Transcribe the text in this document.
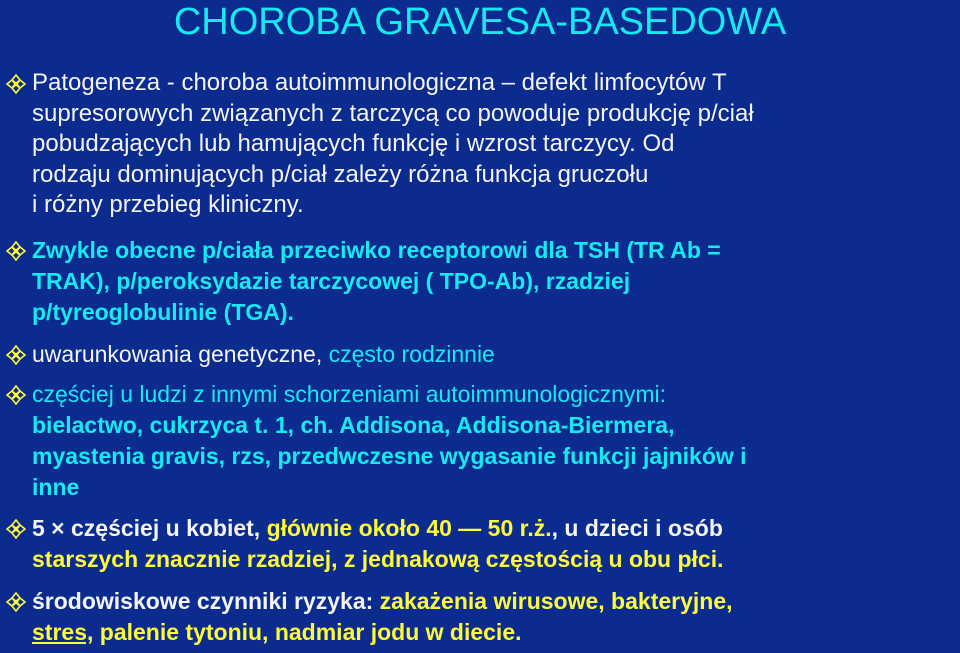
CHOROBA GRAVESA-BASEDOWA

Patogeneza - choroba autoimmunologiczna – defekt limfocytów T
supresorowych związanych z tarczycą co powoduje produkcję p/ciał
pobudzających lub hamujących funkcję i wzrost tarczycy. Od
rodzaju dominujących p/ciał zależy różna funkcja gruczołu
i różny przebieg kliniczny.

Zwykle obecne p/ciała przeciwko receptorowi dla TSH (TR Ab =
TRAK), p/peroksydazie tarczycowej ( TPO-Ab), rzadziej
p/tyreoglobulinie (TGA).

uwarunkowania genetyczne, często rodzinnie

częściej u ludzi z innymi schorzeniami autoimmunologicznymi:
bielactwo, cukrzyca t. 1, ch. Addisona, Addisona-Biermera,
myastenia gravis, rzs, przedwczesne wygasanie funkcji jajników i
inne

5 × częściej u kobiet, głównie około 40 — 50 r.ż., u dzieci i osób
starszych znacznie rzadziej, z jednakową częstością u obu płci.

środowiskowe czynniki ryzyka: zakażenia wirusowe, bakteryjne,
stres, palenie tytoniu, nadmiar jodu w diecie.
